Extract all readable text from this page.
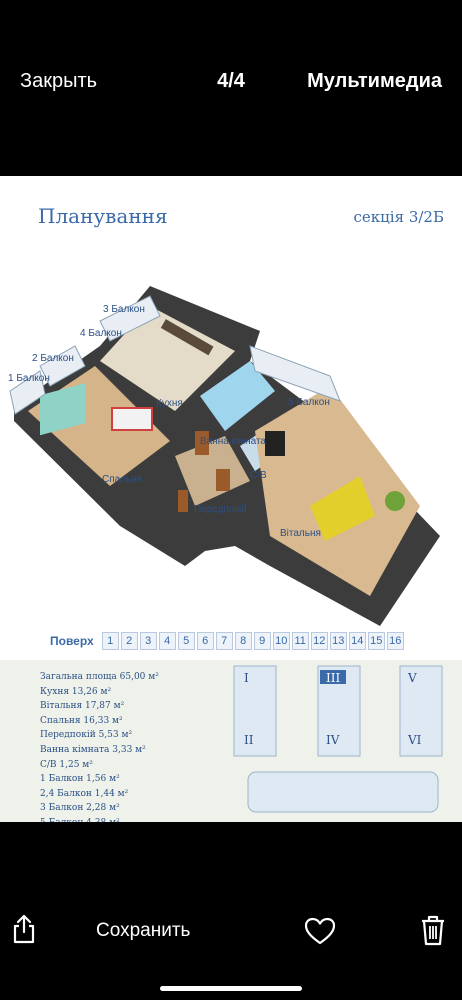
Закрыть	4/4	Мультимедиа
Планування	секція 3/2Б
1 Балкон
2 Балкон
3 Балкон
4 Балкон
5 Балкон
Кухня
Ванна кімната
Спальня	С/В
Передпокій
Вітальня
Поверх	1	2	3	4	5	6	7	8	9 10 11 12 13 14 15 16
Загальна площа 65,00 м²
Кухня 13,26 м²
Вітальня 17,87 м²
Спальня 16,33 м²
Передпокій 5,53 м²
Ванна кімната 3,33 м²
С/В 1,25 м²
1 Балкон 1,56 м²
2,4 Балкон 1,44 м²
3 Балкон 2,28 м²
I
II
III
IV
V
VI
Сохранить
